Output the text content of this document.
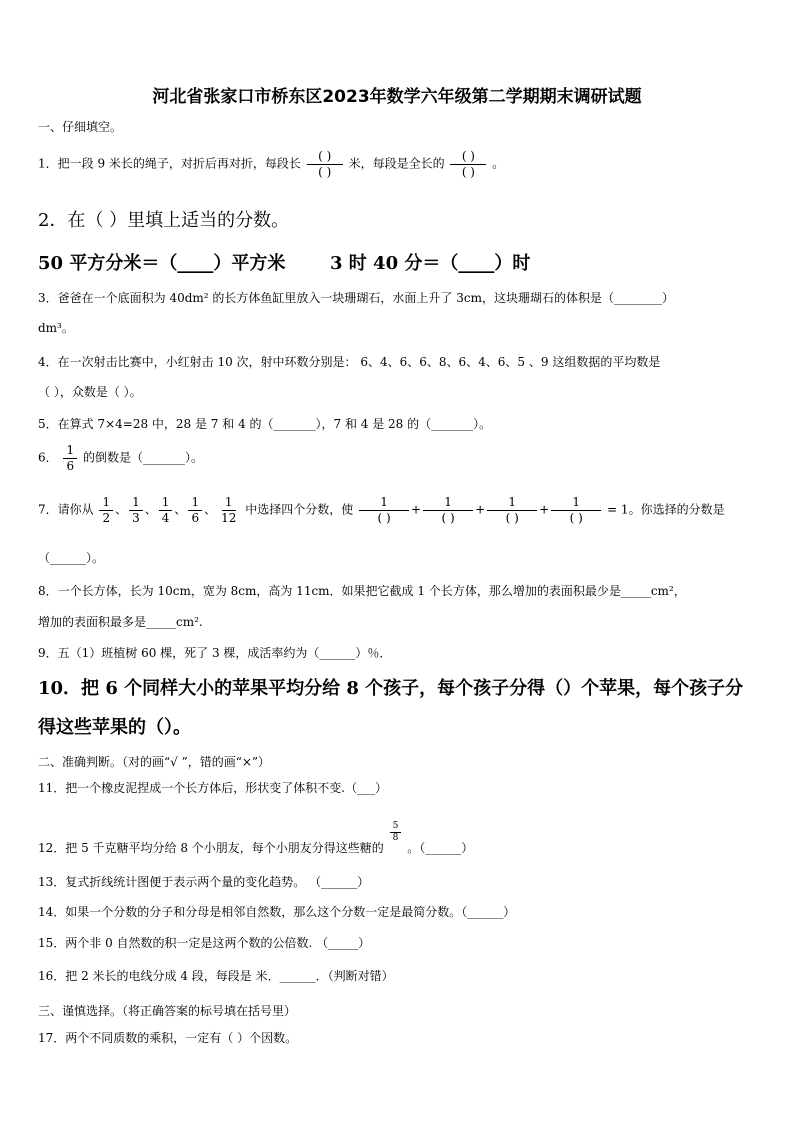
河北省张家口市桥东区2023年数学六年级第二学期期末调研试题
一、仔细填空。
1．把一段 9 米长的绳子，对折后再对折，每段长 $\frac{( )}{( )}$ 米，每段是全长的 $\frac{( )}{( )}$ 。
2．在（ ）里填上适当的分数。
50 平方分米＝（____）平方米 3 时 40 分＝（____）时
3．爸爸在一个底面积为 40dm² 的长方体鱼缸里放入一块珊瑚石，水面上升了 3cm，这块珊瑚石的体积是（________）
dm³。
4．在一次射击比赛中，小红射击 10 次，射中环数分别是： 6、4、6、6、8、6、4、6、5 、9 这组数据的平均数是
（ ），众数是（ ）。
5．在算式 7×4=28 中，28 是 7 和 4 的（_______），7 和 4 是 28 的（_______）。
6． $\frac{1}{6}$ 的倒数是（_______）。
7．请你从 $\frac{1}{2}$ 、 $\frac{1}{3}$ 、 $\frac{1}{4}$ 、 $\frac{1}{6}$ 、 $\frac{1}{12}$ 中选择四个分数，使 $\frac{1}{( )} + \frac{1}{( )} + \frac{1}{( )} + \frac{1}{( )} = 1$。你选择的分数是
（______）。
8．一个长方体，长为 10cm，宽为 8cm，高为 11cm．如果把它截成 1 个长方体，那么增加的表面积最少是_____cm²，
增加的表面积最多是_____cm².
9．五（1）班植树 60 棵，死了 3 棵，成活率约为（______）％．
10．把 6 个同样大小的苹果平均分给 8 个孩子，每个孩子分得（）个苹果，每个孩子分
得这些苹果的（）。
二、准确判断。（对的画“√ ”，错的画“×”）
11．把一个橡皮泥捏成一个长方体后，形状变了体积不变.（___）
12．把 5 千克糖平均分给 8 个小朋友，每个小朋友分得这些糖的
$\frac{5}{8}$
。（______）
13．复式折线统计图便于表示两个量的变化趋势。 （______）
14．如果一个分数的分子和分母是相邻自然数，那么这个分数一定是最简分数。（______）
15．两个非 0 自然数的积一定是这两个数的公倍数. （_____）
16．把 2 米长的电线分成 4 段，每段是 米．______．（判断对错）
三、谨慎选择。（将正确答案的标号填在括号里）
17．两个不同质数的乘积，一定有（ ）个因数。
